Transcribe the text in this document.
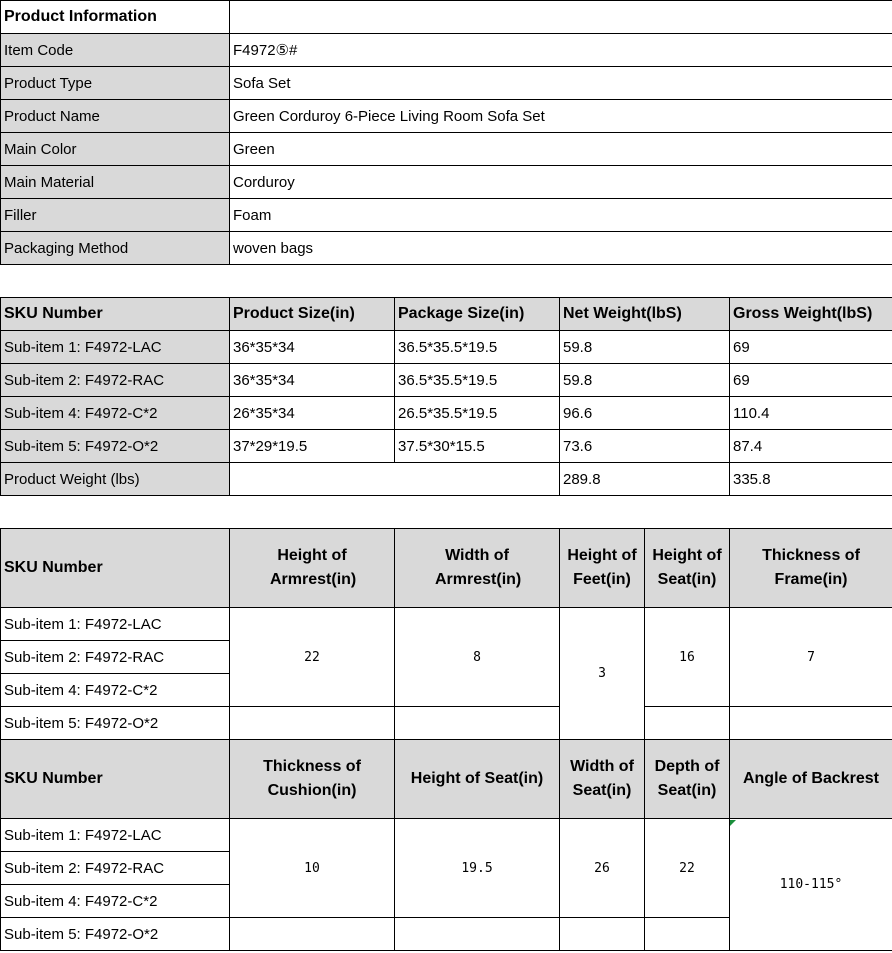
Product Information	
Item Code	F4972⑤#
Product Type	Sofa Set
Product Name	Green Corduroy 6-Piece Living Room Sofa Set
Main Color	Green
Main Material	Corduroy
Filler	Foam
Packaging Method	woven bags
SKU Number	Product Size(in)	Package Size(in)	Net Weight(lbS)	Gross Weight(lbS)
Sub-item 1: F4972-LAC	36*35*34	36.5*35.5*19.5	59.8	69
Sub-item 2: F4972-RAC	36*35*34	36.5*35.5*19.5	59.8	69
Sub-item 4: F4972-C*2	26*35*34	26.5*35.5*19.5	96.6	110.4
Sub-item 5: F4972-O*2	37*29*19.5	37.5*30*15.5	73.6	87.4
Product Weight (lbs)			289.8	335.8
SKU Number	Height of Armrest(in)	Width of Armrest(in)	Height of Feet(in)	Height of Seat(in)	Thickness of Frame(in)
Sub-item 1: F4972-LAC	22	8	3	16	7
Sub-item 2: F4972-RAC					
Sub-item 4: F4972-C*2					
Sub-item 5: F4972-O*2					
SKU Number	Thickness of Cushion(in)	Height of Seat(in)	Width of Seat(in)	Depth of Seat(in)	Angle of Backrest
Sub-item 1: F4972-LAC	10	19.5	26	22	110-115°
Sub-item 2: F4972-RAC					
Sub-item 4: F4972-C*2					
Sub-item 5: F4972-O*2					
